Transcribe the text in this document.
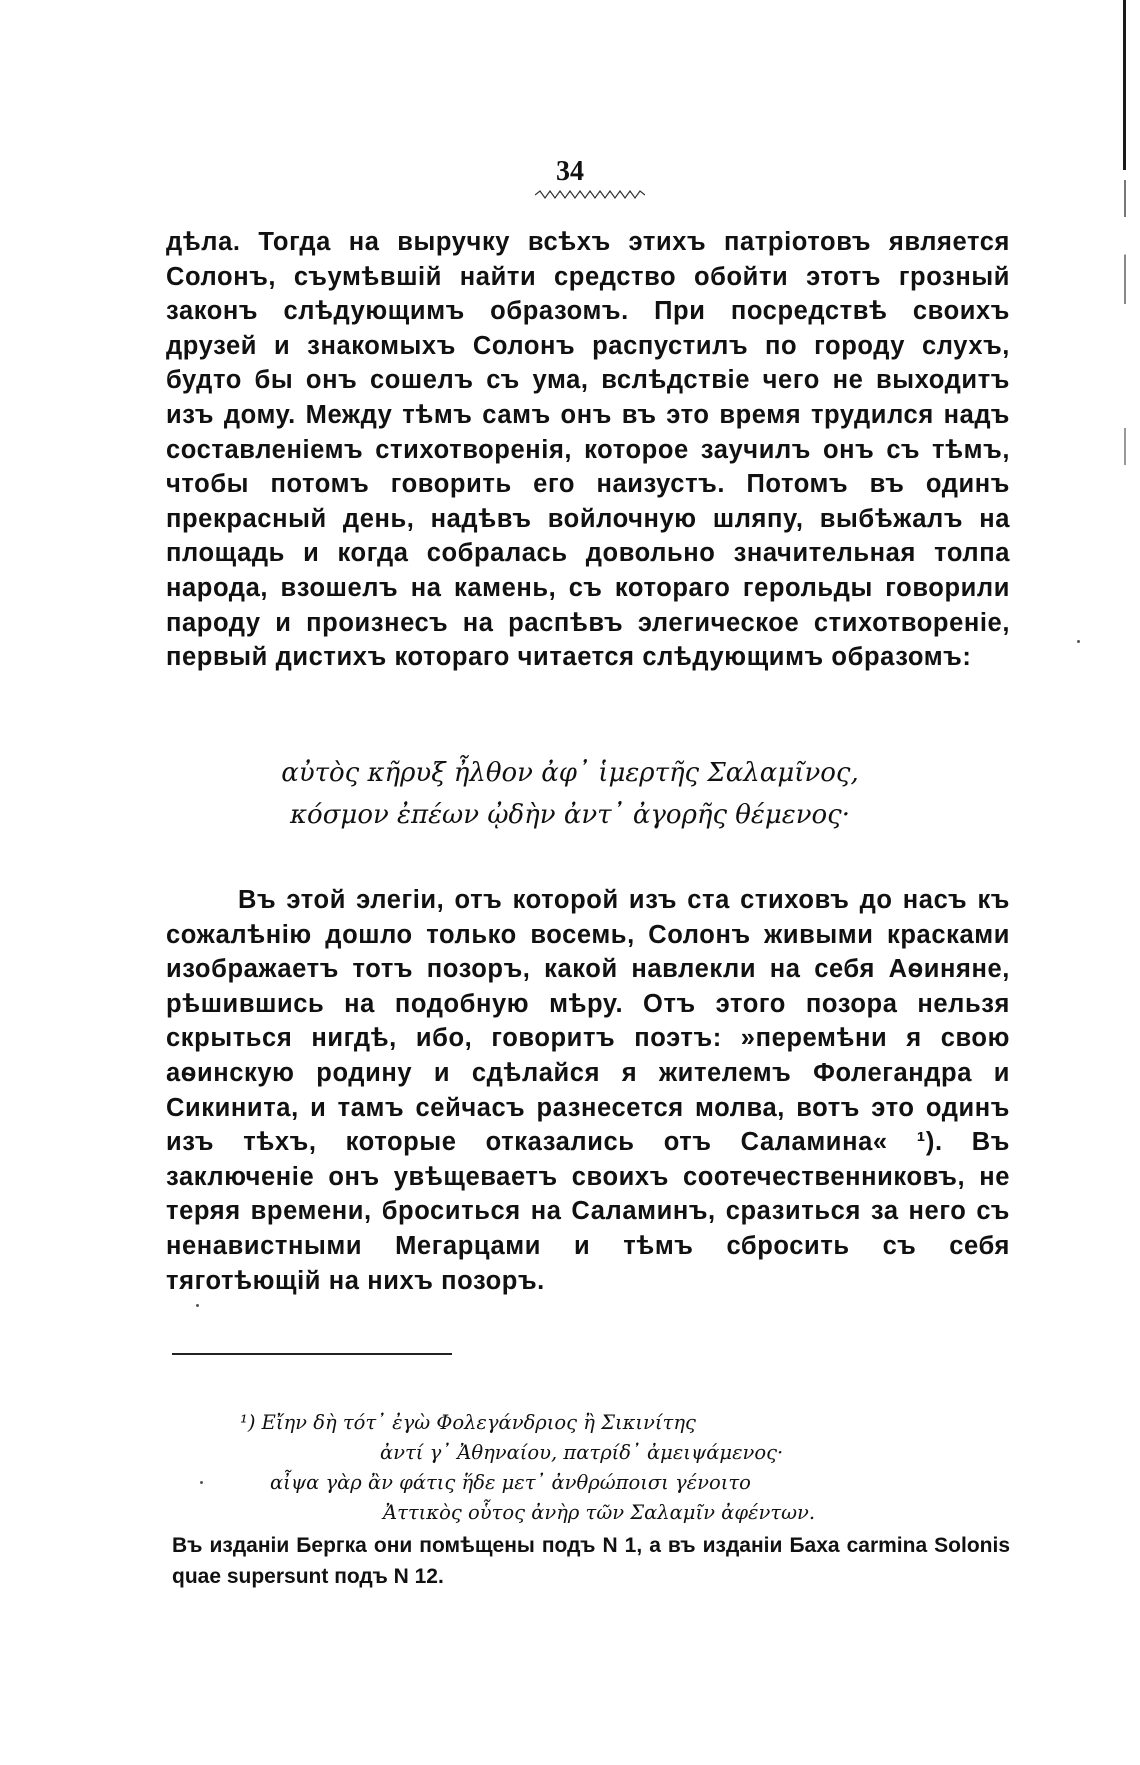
34
дѣла. Тогда на выручку всѣхъ этихъ патріотовъ является Солонъ, съумѣвшій найти средство обойти этотъ грозный законъ слѣдующимъ образомъ. При посредствѣ своихъ друзей и знакомыхъ Солонъ распустилъ по городу слухъ, будто бы онъ сошелъ съ ума, вслѣдствіе чего не выходитъ изъ дому. Между тѣмъ самъ онъ въ это время трудился надъ составленіемъ стихотворенія, которое заучилъ онъ съ тѣмъ, чтобы потомъ говорить его наизустъ. Потомъ въ одинъ прекрасный день, надѣвъ войлочную шляпу, выбѣжалъ на площадь и когда собралась довольно значительная толпа народа, взошелъ на камень, съ котораго герольды говорили пароду и произнесъ на распѣвъ элегическое стихотвореніе, первый дистихъ котораго читается слѣдующимъ образомъ:
αὐτὸς κῆρυξ ἦλθον ἀφ᾽ ἱμερτῆς Σαλαμῖνος,
κόσμον ἐπέων ᾠδὴν ἀντ᾽ ἀγορῆς θέμενος·
Въ этой элегіи, отъ которой изъ ста стиховъ до насъ къ сожалѣнію дошло только восемь, Солонъ живыми красками изображаетъ тотъ позоръ, какой навлекли на себя Аѳиняне, рѣшившись на подобную мѣру. Отъ этого позора нельзя скрыться нигдѣ, ибо, говоритъ поэтъ: »перемѣни я свою аѳинскую родину и сдѣлайся я жителемъ Фолегандра и Сикинита, и тамъ сейчасъ разнесется молва, вотъ это одинъ изъ тѣхъ, которые отказались отъ Саламина« ¹). Въ заключеніе онъ увѣщеваетъ своихъ соотечественниковъ, не теряя времени, броситься на Саламинъ, сразиться за него съ ненавистными Мегарцами и тѣмъ сбросить съ себя тяготѣющій на нихъ позоръ.
¹) Εἴην δὴ τότ᾽ ἐγὼ Φολεγάνδριος ἢ Σικινίτης
ἀντί γ᾽ Ἀθηναίου, πατρίδ᾽ ἀμειψάμενος·
αἶψα γὰρ ἂν φάτις ἥδε μετ᾽ ἀνθρώποισι γένοιτο
Ἀττικὸς οὗτος ἀνὴρ τῶν Σαλαμῖν ἀφέντων.
Въ изданіи Бергка они помѣщены подъ N 1, а въ изданіи Баха carmina Solonis quae supersunt подъ N 12.
